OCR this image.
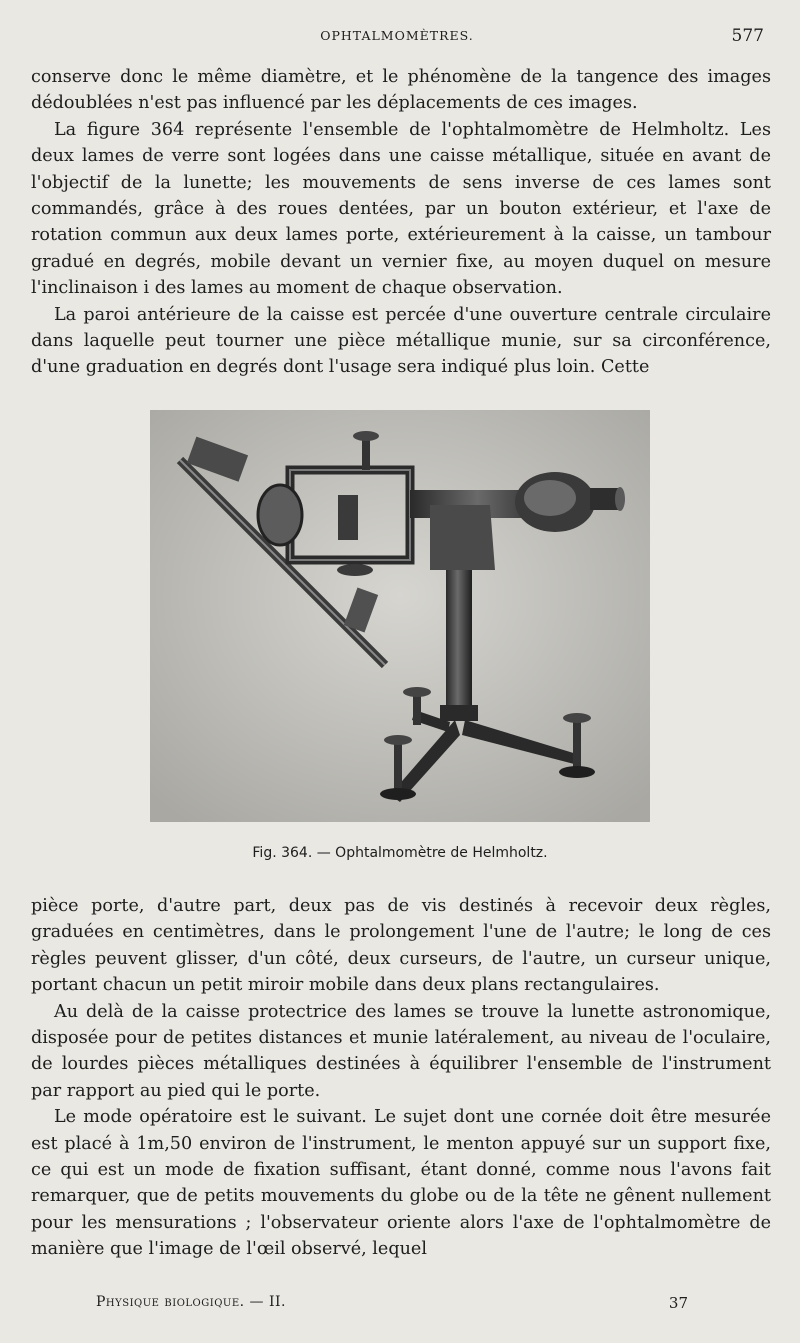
OPHTALMOMÈTRES.	577

conserve donc le même diamètre, et le phénomène de la tangence des images dédoublées n'est pas influencé par les déplacements de ces images.

La figure 364 représente l'ensemble de l'ophtalmomètre de Helmholtz. Les deux lames de verre sont logées dans une caisse métallique, située en avant de l'objectif de la lunette; les mouvements de sens inverse de ces lames sont commandés, grâce à des roues dentées, par un bouton extérieur, et l'axe de rotation commun aux deux lames porte, extérieurement à la caisse, un tambour gradué en degrés, mobile devant un vernier fixe, au moyen duquel on mesure l'inclinaison i des lames au moment de chaque observation.

La paroi antérieure de la caisse est percée d'une ouverture centrale circulaire dans laquelle peut tourner une pièce métallique munie, sur sa circonférence, d'une graduation en degrés dont l'usage sera indiqué plus loin. Cette

Fig. 364. — Ophtalmomètre de Helmholtz.

pièce porte, d'autre part, deux pas de vis destinés à recevoir deux règles, graduées en centimètres, dans le prolongement l'une de l'autre; le long de ces règles peuvent glisser, d'un côté, deux curseurs, de l'autre, un curseur unique, portant chacun un petit miroir mobile dans deux plans rectangulaires.

Au delà de la caisse protectrice des lames se trouve la lunette astronomique, disposée pour de petites distances et munie latéralement, au niveau de l'oculaire, de lourdes pièces métalliques destinées à équilibrer l'ensemble de l'instrument par rapport au pied qui le porte.

Le mode opératoire est le suivant. Le sujet dont une cornée doit être mesurée est placé à 1m,50 environ de l'instrument, le menton appuyé sur un support fixe, ce qui est un mode de fixation suffisant, étant donné, comme nous l'avons fait remarquer, que de petits mouvements du globe ou de la tête ne gênent nullement pour les mensurations ; l'observateur oriente alors l'axe de l'ophtalmomètre de manière que l'image de l'œil observé, lequel

Physique biologique. — II.	37
